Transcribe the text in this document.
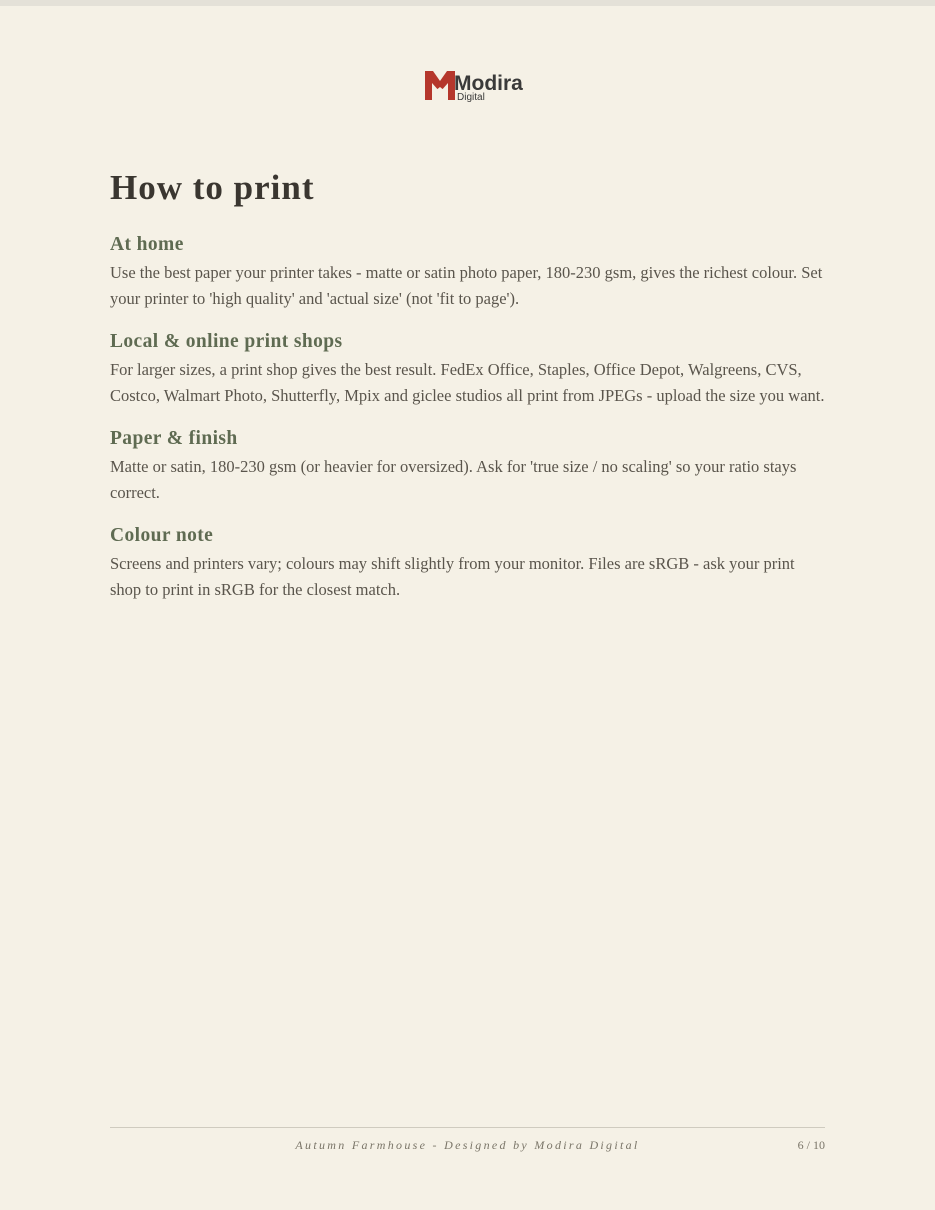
Modira
Digital
How to print
At home

Use the best paper your printer takes - matte or satin photo paper, 180-230 gsm, gives the richest colour. Set your printer to 'high quality' and 'actual size' (not 'fit to page').

Local & online print shops

For larger sizes, a print shop gives the best result. FedEx Office, Staples, Office Depot, Walgreens, CVS, Costco, Walmart Photo, Shutterfly, Mpix and giclee studios all print from JPEGs - upload the size you want.

Paper & finish

Matte or satin, 180-230 gsm (or heavier for oversized). Ask for 'true size / no scaling' so your ratio stays correct.

Colour note

Screens and printers vary; colours may shift slightly from your monitor. Files are sRGB - ask your print shop to print in sRGB for the closest match.

Autumn Farmhouse - Designed by Modira Digital	6 / 10
